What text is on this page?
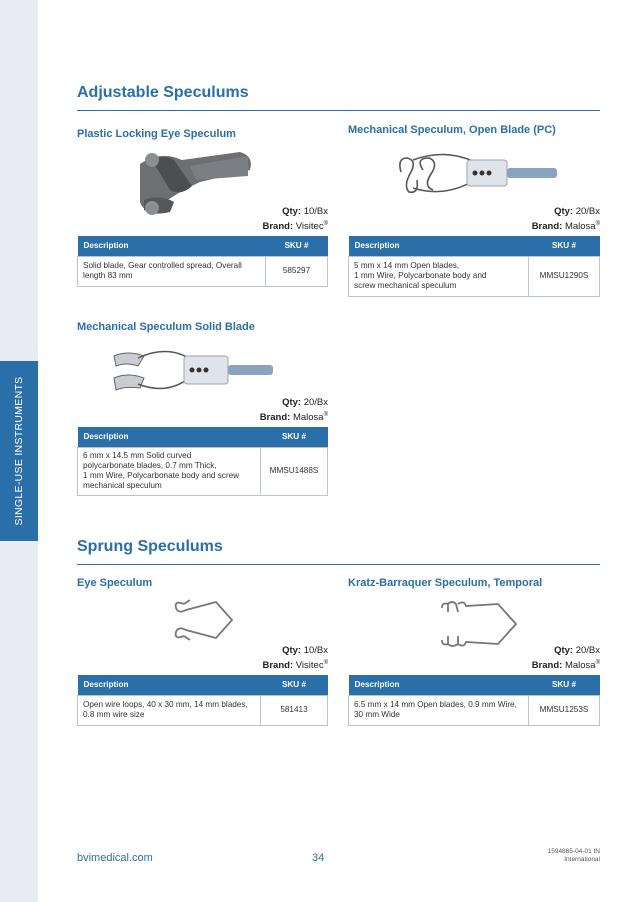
SINGLE-USE INSTRUMENTS
Adjustable Speculums
Plastic Locking Eye Speculum
Qty: 10/Bx
Brand: Visitec®
Description	SKU #
Solid blade, Gear controlled spread, Overall
length 83 mm	585297
Mechanical Speculum, Open Blade (PC)
Qty: 20/Bx
Brand: Malosa®
Description	SKU #
5 mm x 14 mm Open blades,
1 mm Wire, Polycarbonate body and
screw mechanical speculum	MMSU1290S
Mechanical Speculum Solid Blade
Qty: 20/Bx
Brand: Malosa®
Description	SKU #
6 mm x 14.5 mm Solid curved
polycarbonate blades, 0.7 mm Thick,
1 mm Wire, Polycarbonate body and screw
mechanical speculum	MMSU1488S
Sprung Speculums
Eye Speculum
Qty: 10/Bx
Brand: Visitec®
Description	SKU #
Open wire loops, 40 x 30 mm, 14 mm blades,
0.8 mm wire size	581413
Kratz-Barraquer Speculum, Temporal
Qty: 20/Bx
Brand: Malosa®
Description	SKU #
6.5 mm x 14 mm Open blades, 0.9 mm Wire,
30 mm Wide	MMSU1253S
bvimedical.com	34
1594865-04-01 IN
International
